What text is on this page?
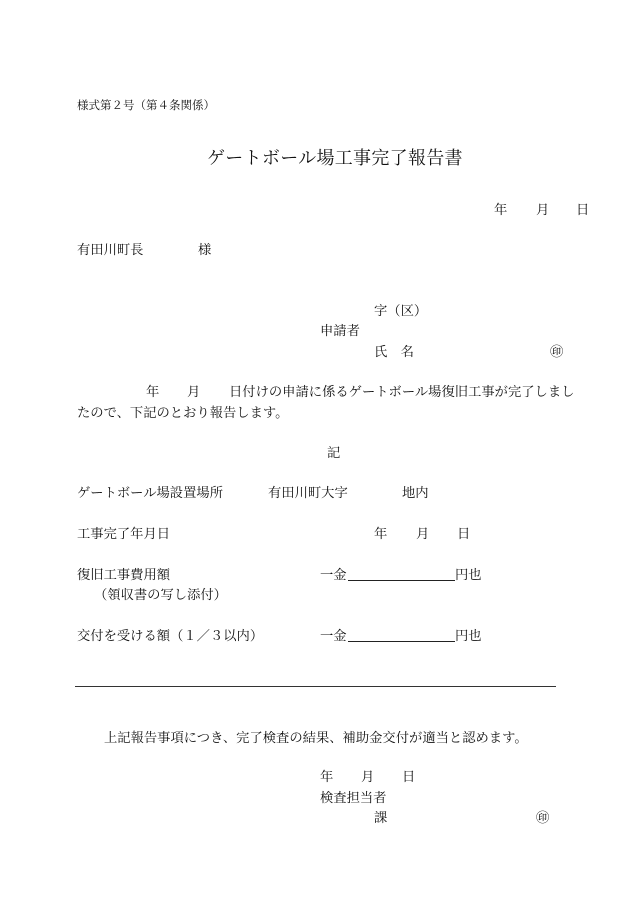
様式第２号（第４条関係）
ゲートボール場工事完了報告書
年 月 日
有田川町長	様
字（区）
申請者
氏　名	㊞
年 月 日付けの申請に係るゲートボール場復旧工事が完了しまし
たので、下記のとおり報告します。
記
ゲートボール場設置場所	有田川町大字	地内
工事完了年月日	年 月 日
復旧工事費用額	一金	円也
（領収書の写し添付）
交付を受ける額（１／３以内）	一金	円也
上記報告事項につき、完了検査の結果、補助金交付が適当と認めます。
年 月 日
検査担当者
課	㊞
